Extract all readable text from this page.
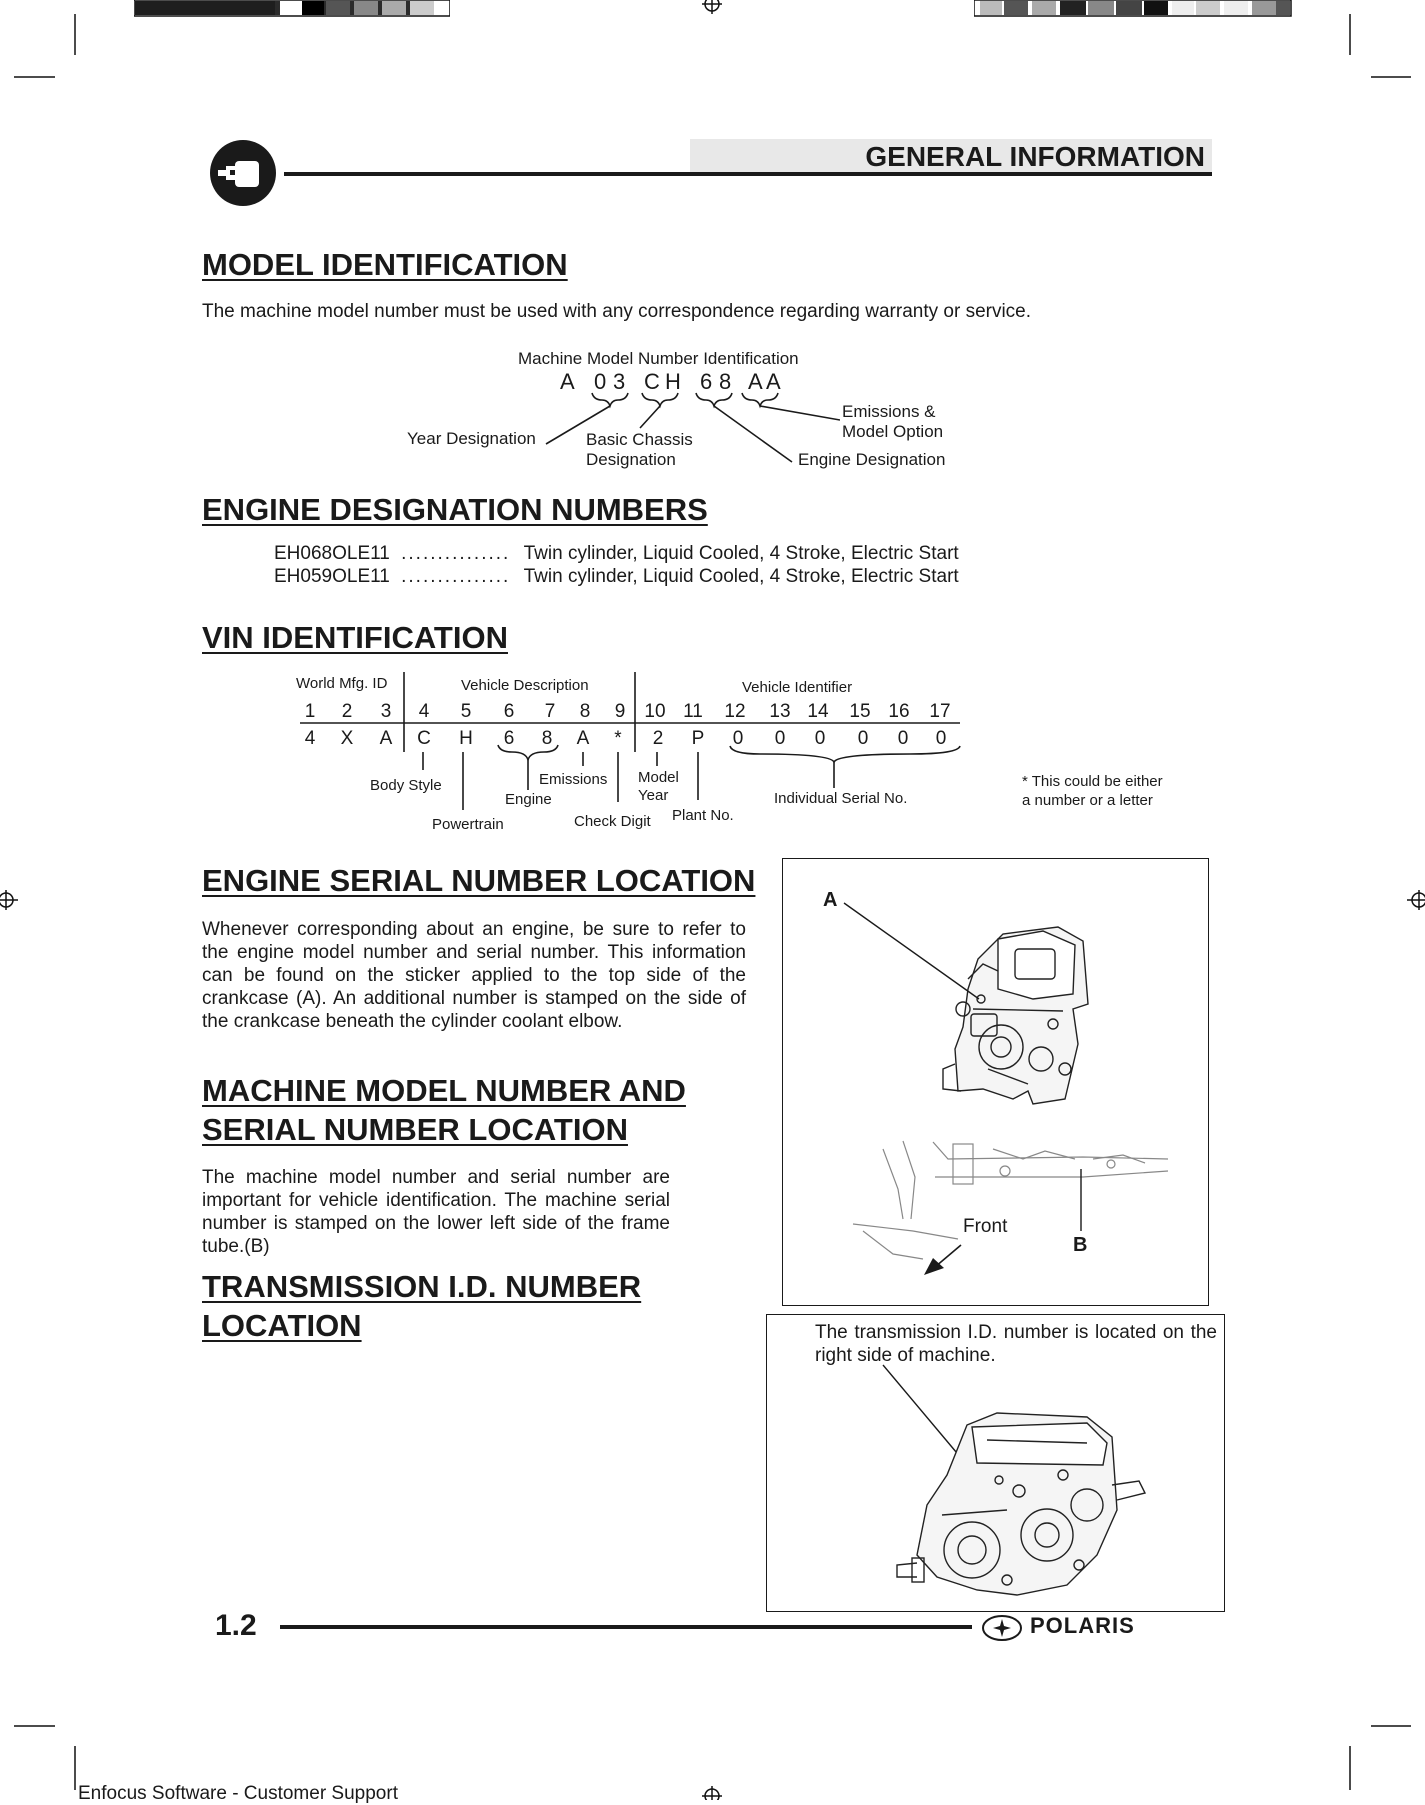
GENERAL INFORMATION
MODEL IDENTIFICATION
The machine model number must be used with any correspondence regarding warranty or service.
Machine Model Number Identification
A 0 3 C H 6 8 A A
Year Designation	Basic Chassis
Designation
Emissions &
Model Option
Engine Designation
ENGINE DESIGNATION NUMBERS
EH068OLE11 ............... Twin cylinder, Liquid Cooled, 4 Stroke, Electric Start
EH059OLE11 ............... Twin cylinder, Liquid Cooled, 4 Stroke, Electric Start
VIN IDENTIFICATION
World Mfg. ID	Vehicle Description	Vehicle Identifier
1	2	3	4	5	6	7	8	9	10 11 12 13 14 15 16 17
4	X	A	C	H	6	8	A	*	2	P	0	0	0	0	0	0
Body Style
Powertrain
Engine
Emissions
Check Digit
Model
Year
Plant No.
Individual Serial No.
* This could be either
a number or a letter
ENGINE SERIAL NUMBER LOCATION
Whenever corresponding about an engine, be sure to refer to the engine model number and serial number. This information can be found on the sticker applied to the top side of the crankcase (A). An additional number is stamped on the side of the crankcase beneath the cylinder coolant elbow.
MACHINE MODEL NUMBER AND
SERIAL NUMBER LOCATION
The machine model number and serial number are important for vehicle identification. The machine serial number is stamped on the lower left side of the frame tube.(B)
TRANSMISSION I.D. NUMBER
LOCATION
A
B
Front
The transmission I.D. number is located on the right side of machine.
1.2	POLARIS
Enfocus Software - Customer Support
